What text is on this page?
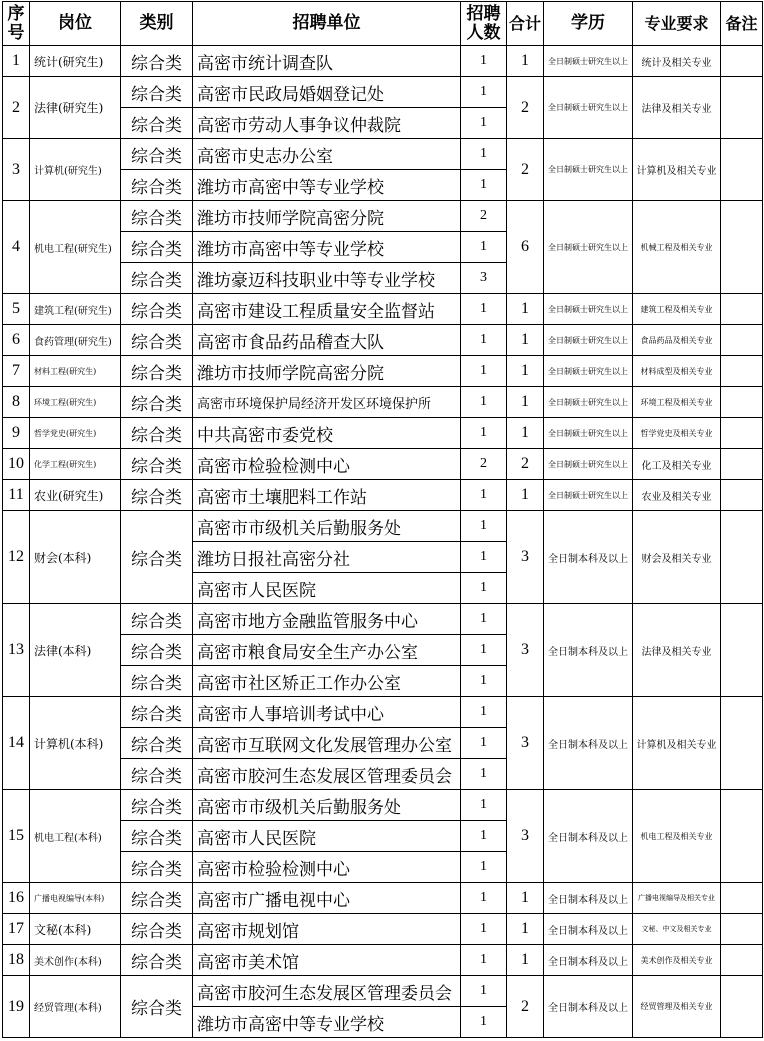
序号	岗位	类别	招聘单位	招聘人数	合计	学历	专业要求	备注
1	统计(研究生)	综合类	高密市统计调查队	1	1	全日制硕士研究生以上	统计及相关专业	
2	法律(研究生)	综合类	高密市民政局婚姻登记处	1	2	全日制硕士研究生以上	法律及相关专业	
		综合类	高密市劳动人事争议仲裁院	1				
3	计算机(研究生)	综合类	高密市史志办公室	1	2	全日制硕士研究生以上	计算机及相关专业	
		综合类	潍坊市高密中等专业学校	1				
4	机电工程(研究生)	综合类	潍坊市技师学院高密分院	2	6	全日制硕士研究生以上	机械工程及相关专业	
		综合类	潍坊市高密中等专业学校	1				
		综合类	潍坊豪迈科技职业中等专业学校	3				
5	建筑工程(研究生)	综合类	高密市建设工程质量安全监督站	1	1	全日制硕士研究生以上	建筑工程及相关专业	
6	食药管理(研究生)	综合类	高密市食品药品稽查大队	1	1	全日制硕士研究生以上	食品药品及相关专业	
7	材料工程(研究生)	综合类	潍坊市技师学院高密分院	1	1	全日制硕士研究生以上	材料成型及相关专业	
8	环境工程(研究生)	综合类	高密市环境保护局经济开发区环境保护所	1	1	全日制硕士研究生以上	环境工程及相关专业	
9	哲学党史(研究生)	综合类	中共高密市委党校	1	1	全日制硕士研究生以上	哲学党史及相关专业	
10	化学工程(研究生)	综合类	高密市检验检测中心	2	2	全日制硕士研究生以上	化工及相关专业	
11	农业(研究生)	综合类	高密市土壤肥料工作站	1	1	全日制硕士研究生以上	农业及相关专业	
12	财会(本科)	综合类	高密市市级机关后勤服务处	1	3	全日制本科及以上	财会及相关专业	
			潍坊日报社高密分社	1				
			高密市人民医院	1				
13	法律(本科)	综合类	高密市地方金融监管服务中心	1	3	全日制本科及以上	法律及相关专业	
		综合类	高密市粮食局安全生产办公室	1				
		综合类	高密市社区矫正工作办公室	1				
14	计算机(本科)	综合类	高密市人事培训考试中心	1	3	全日制本科及以上	计算机及相关专业	
		综合类	高密市互联网文化发展管理办公室	1				
		综合类	高密市胶河生态发展区管理委员会	1				
15	机电工程(本科)	综合类	高密市市级机关后勤服务处	1	3	全日制本科及以上	机电工程及相关专业	
		综合类	高密市人民医院	1				
		综合类	高密市检验检测中心	1				
16	广播电视编导(本科)	综合类	高密市广播电视中心	1	1	全日制本科及以上	广播电视编导及相关专业	
17	文秘(本科)	综合类	高密市规划馆	1	1	全日制本科及以上	文秘、中文及相关专业	
18	美术创作(本科)	综合类	高密市美术馆	1	1	全日制本科及以上	美术创作及相关专业	
19	经贸管理(本科)	综合类	高密市胶河生态发展区管理委员会	1	2	全日制本科及以上	经贸管理及相关专业	
			潍坊市高密中等专业学校	1				
